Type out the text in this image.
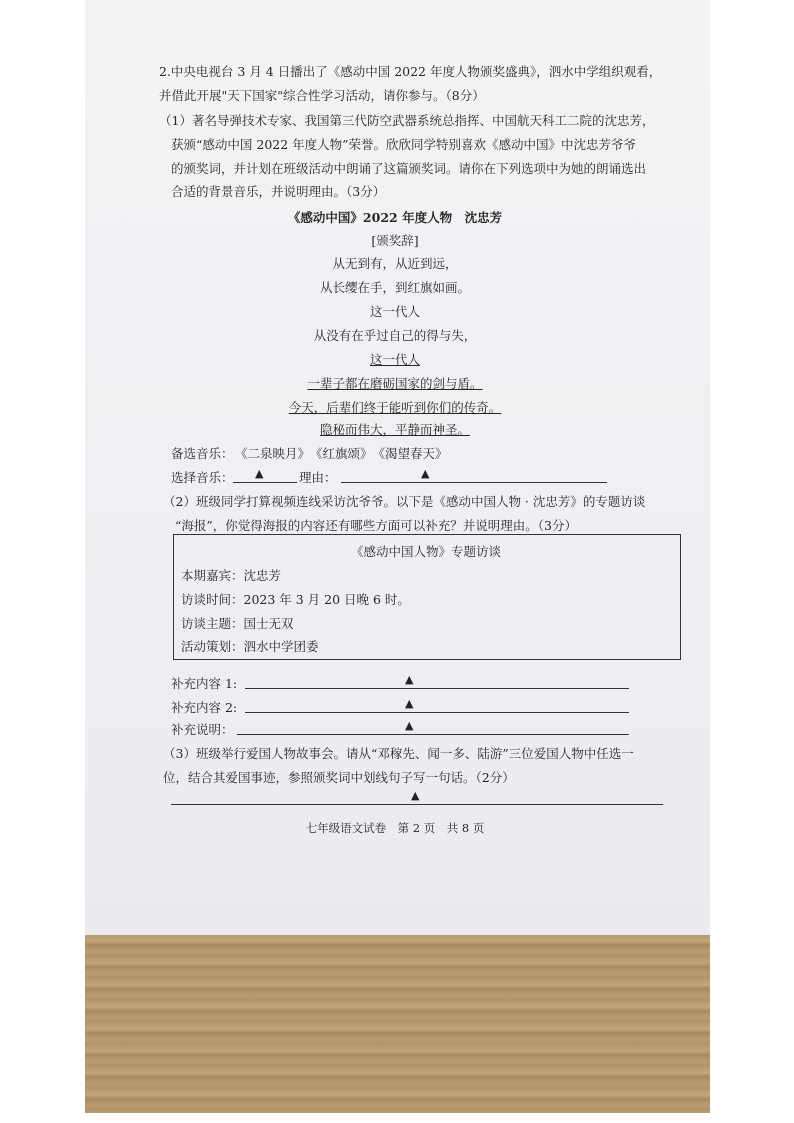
2.中央电视台 3 月 4 日播出了《感动中国 2022 年度人物颁奖盛典》，泗水中学组织观看，
并借此开展"天下国家"综合性学习活动，请你参与。（8分）
（1）著名导弹技术专家、我国第三代防空武器系统总指挥、中国航天科工二院的沈忠芳，
获颁“感动中国 2022 年度人物”荣誉。欣欣同学特别喜欢《感动中国》中沈忠芳爷爷
的颁奖词，并计划在班级活动中朗诵了这篇颁奖词。请你在下列选项中为她的朗诵选出
合适的背景音乐，并说明理由。（3分）
《感动中国》2022 年度人物　沈忠芳
[颁奖辞]
从无到有，从近到远，
从长缨在手，到红旗如画。
这一代人
从没有在乎过自己的得与失，
这一代人
一辈子都在磨砺国家的剑与盾。
今天，后辈们终于能听到你们的传奇。
隐秘而伟大，平静而神圣。
备选音乐： 《二泉映月》　《红旗颂》　《渴望春天》
选择音乐： ▲	理由：	▲
（2）班级同学打算视频连线采访沈爷爷。以下是《感动中国人物 · 沈忠芳》的专题访谈
“海报”，你觉得海报的内容还有哪些方面可以补充？并说明理由。（3分）
《感动中国人物》专题访谈
本期嘉宾：沈忠芳
访谈时间：2023 年 3 月 20 日晚 6 时。
访谈主题：国士无双
活动策划：泗水中学团委
补充内容 1:	▲
补充内容 2:	▲
补充说明：	▲
（3）班级举行爱国人物故事会。请从“邓稼先、闻一多、陆游”三位爱国人物中任选一
位，结合其爱国事迹，参照颁奖词中划线句子写一句话。（2分）
▲
七年级语文试卷　第 2 页　共 8 页
